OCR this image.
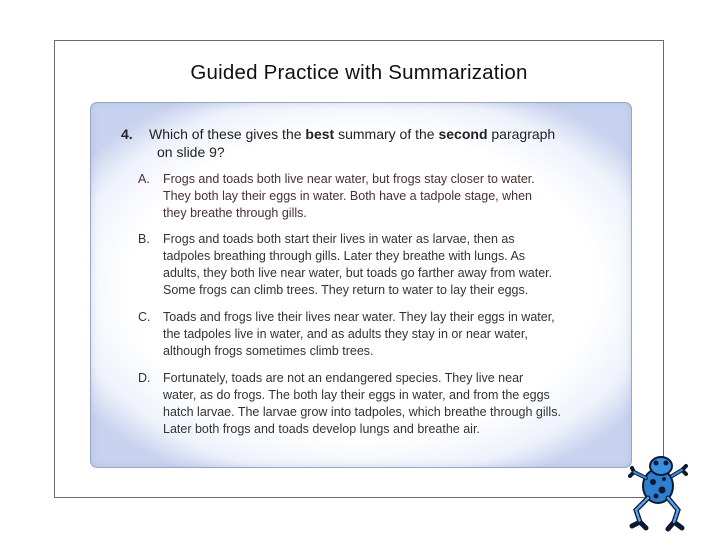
Guided Practice with Summarization
4. Which of these gives the best summary of the second paragraph
on slide 9?
A.	Frogs and toads both live near water, but frogs stay closer to water.
They both lay their eggs in water. Both have a tadpole stage, when
they breathe through gills.
B.	Frogs and toads both start their lives in water as larvae, then as
tadpoles breathing through gills. Later they breathe with lungs. As
adults, they both live near water, but toads go farther away from water.
Some frogs can climb trees. They return to water to lay their eggs.
C.	Toads and frogs live their lives near water. They lay their eggs in water,
the tadpoles live in water, and as adults they stay in or near water,
although frogs sometimes climb trees.
D.	Fortunately, toads are not an endangered species. They live near
water, as do frogs. The both lay their eggs in water, and from the eggs
hatch larvae. The larvae grow into tadpoles, which breathe through gills.
Later both frogs and toads develop lungs and breathe air.
